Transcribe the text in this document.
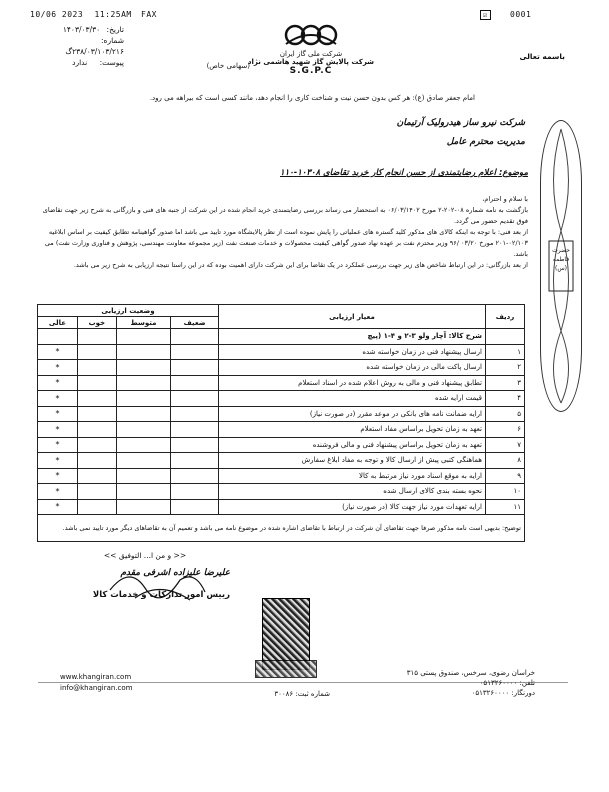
10/06 2023 11:25AM FAX	☑	0001
تاریخ: ۱۴۰۳/۰۳/۳۰
شماره:
۲۳۸/۰۳/۱۰۳/۲۱۶گ
پیوست: ندارد
شرکت ملی گاز ایران
شرکت پالایش گاز شهید هاشمی نژاد
S.G.P.C
(سهامی خاص)
باسمه تعالی
امام جعفر صادق (ع): هر کس بدون حسن نیت و شناخت کاری را انجام دهد، مانند کسی است که بیراهه می رود.
شرکت نیرو ساز هیدرولیک آرتیمان
مدیریت محترم عامل
موضوع: اعلام رضایتمندی از حسن انجام کار خرید تقاضای ۱۰۳۰۸-۱۱۰
با سلام و احترام،
بازگشت به نامه شماره ۰۸-۲۰۲-۲ مورخ ۰۶/۰۳/۱۴۰۲ به استحضار می رساند بررسی رضایتمندی خرید انجام شده در این شرکت از جنبه های فنی و بازرگانی به شرح زیر جهت تقاضای فوق تقدیم حضور می گردد.
از بعد فنی: با توجه به اینکه کالای های مذکور کلید گستره های عملیاتی را پایش نموده است از نظر پالایشگاه مورد تایید می باشد اما صدور گواهینامه تطابق کیفیت بر اساس ابلاغیه ۰۲/۱۰۳-۲۰۱ مورخ ۰۳/۲۰ /۹۶ وزیر محترم نفت بر عهده نهاد صدور گواهی کیفیت محصولات و خدمات صنعت نفت (زیر مجموعه معاونت مهندسی، پژوهش و فناوری وزارت نفت) می باشد.
از بعد بازرگانی: در این ارتباط شاخص های زیر جهت بررسی عملکرد در یک تقاضا برای این شرکت دارای اهمیت بوده که در این راستا نتیجه ارزیابی به شرح زیر می باشد.
حضرت فاطمه (س)
ردیف	معیار ارزیابی	وضعیت ارزیابی			
		ضعیف	متوسط	خوب	عالی
	شرح کالا: آچار ولو ۳-۲ و ۴-۱ (پیچ				
۱	ارسال پیشنهاد فنی در زمان خواسته شده				*
۲	ارسال پاکت مالی در زمان خواسته شده				*
۳	تطابق پیشنهاد فنی و مالی به روش اعلام شده در اسناد استعلام				*
۴	قیمت ارایه شده				*
۵	ارایه ضمانت نامه های بانکی در موعد مقرر (در صورت نیاز)				*
۶	تعهد به زمان تحویل براساس مفاد استعلام				*
۷	تعهد به زمان تحویل براساس پیشنهاد فنی و مالی فروشنده				*
۸	هماهنگی کتبی پیش از ارسال کالا و توجه به مفاد ابلاغ سفارش				*
۹	ارایه به موقع اسناد مورد نیاز مرتبط به کالا				*
۱۰	نحوه بسته بندی کالای ارسال شده				*
۱۱	ارایه تعهدات مورد نیاز جهت کالا (در صورت نیاز)				*
توضیح: بدیهی است نامه مذکور صرفا جهت تقاضای آن شرکت در ارتباط با تقاضای اشاره شده در موضوع نامه می باشد و تعمیم آن به تقاضاهای دیگر مورد تایید نمی باشد.					
<< و من ا... التوفیق >>
علیرضا علیزاده اشرفی مقدم
رییس امور تدارکات و خدمات کالا
www.khangiran.com
info@khangiran.com
شماره ثبت: ۳۰۰۸۶
خراسان رضوی، سرخس، صندوق پستی ۳۱۵
تلفن: ۰۵۱۳۲۶۰۰۰۰
دورنگار: ۰۵۱۳۲۶۰۰۰۰
